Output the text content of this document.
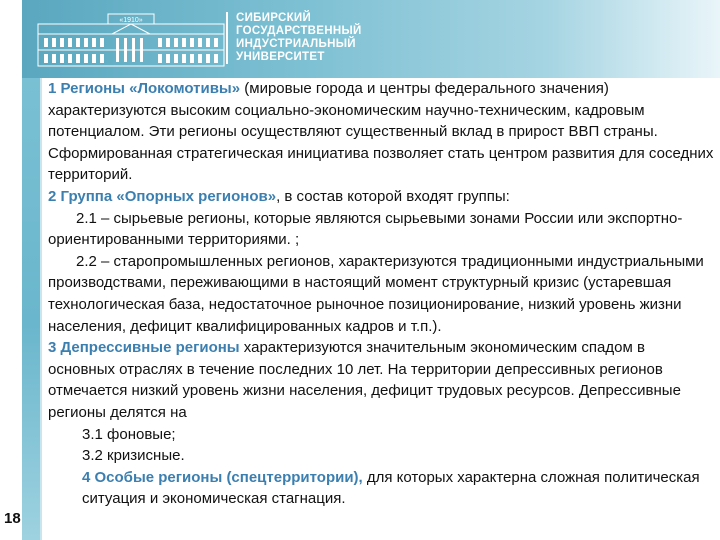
«1910»	СИБИРСКИЙ
ГОСУДАРСТВЕННЫЙ
ИНДУСТРИАЛЬНЫЙ
УНИВЕРСИТЕТ

1 Регионы «Локомотивы» (мировые города и центры федерального значения) характеризуются высоким социально-экономическим научно-техническим, кадровым потенциалом. Эти регионы осуществляют существенный вклад в прирост ВВП страны. Сформированная стратегическая инициатива позволяет стать центром развития для соседних территорий.

2 Группа «Опорных регионов», в состав которой входят группы:

2.1 – сырьевые регионы, которые являются сырьевыми зонами России или экспортно-ориентированными территориями. ;

2.2 – старопромышленных регионов, характеризуются традиционными индустриальными производствами, переживающими в настоящий момент структурный кризис (устаревшая технологическая база, недостаточное рыночное позиционирование, низкий уровень жизни населения, дефицит квалифицированных кадров и т.п.).

3 Депрессивные регионы характеризуются значительным экономическим спадом в основных отраслях в течение последних 10 лет. На территории депрессивных регионов отмечается низкий уровень жизни населения, дефицит трудовых ресурсов. Депрессивные регионы делятся на

3.1 фоновые;

3.2 кризисные.

4 Особые регионы (спецтерритории), для которых характерна сложная политическая ситуация и экономическая стагнация.

18
